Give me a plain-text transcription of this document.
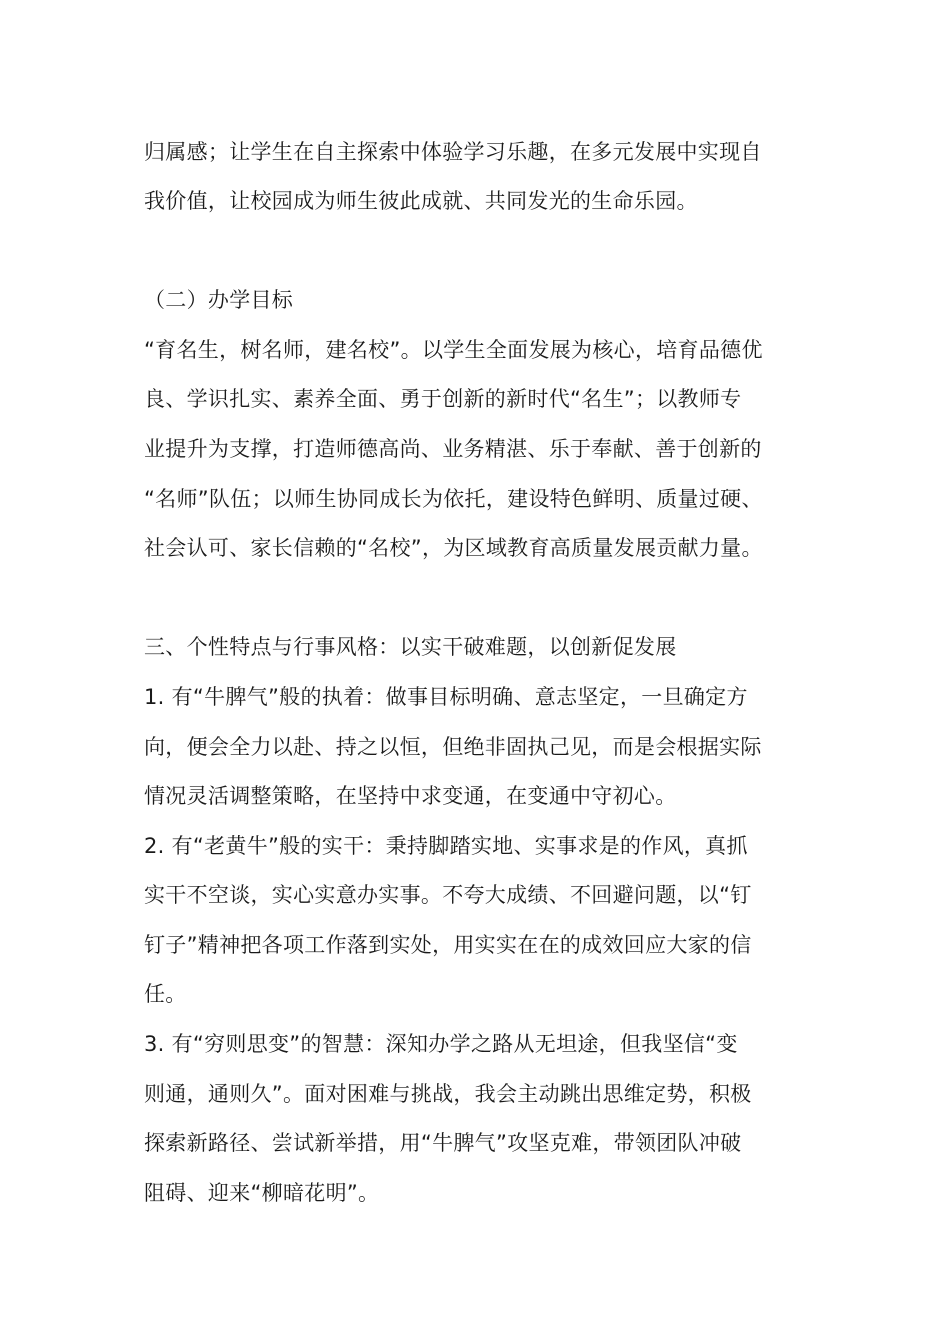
归属感；让学生在自主探索中体验学习乐趣，在多元发展中实现自
我价值，让校园成为师生彼此成就、共同发光的生命乐园。
（二）办学目标
“育名生，树名师，建名校”。以学生全面发展为核心，培育品德优
良、学识扎实、素养全面、勇于创新的新时代“名生”；以教师专
业提升为支撑，打造师德高尚、业务精湛、乐于奉献、善于创新的
“名师”队伍；以师生协同成长为依托，建设特色鲜明、质量过硬、
社会认可、家长信赖的“名校”，为区域教育高质量发展贡献力量。
三、个性特点与行事风格：以实干破难题，以创新促发展
1. 有“牛脾气”般的执着：做事目标明确、意志坚定，一旦确定方
向，便会全力以赴、持之以恒，但绝非固执己见，而是会根据实际
情况灵活调整策略，在坚持中求变通，在变通中守初心。
2. 有“老黄牛”般的实干：秉持脚踏实地、实事求是的作风，真抓
实干不空谈，实心实意办实事。不夸大成绩、不回避问题，以“钉
钉子”精神把各项工作落到实处，用实实在在的成效回应大家的信
任。
3. 有“穷则思变”的智慧：深知办学之路从无坦途，但我坚信“变
则通，通则久”。面对困难与挑战，我会主动跳出思维定势，积极
探索新路径、尝试新举措，用“牛脾气”攻坚克难，带领团队冲破
阻碍、迎来“柳暗花明”。
